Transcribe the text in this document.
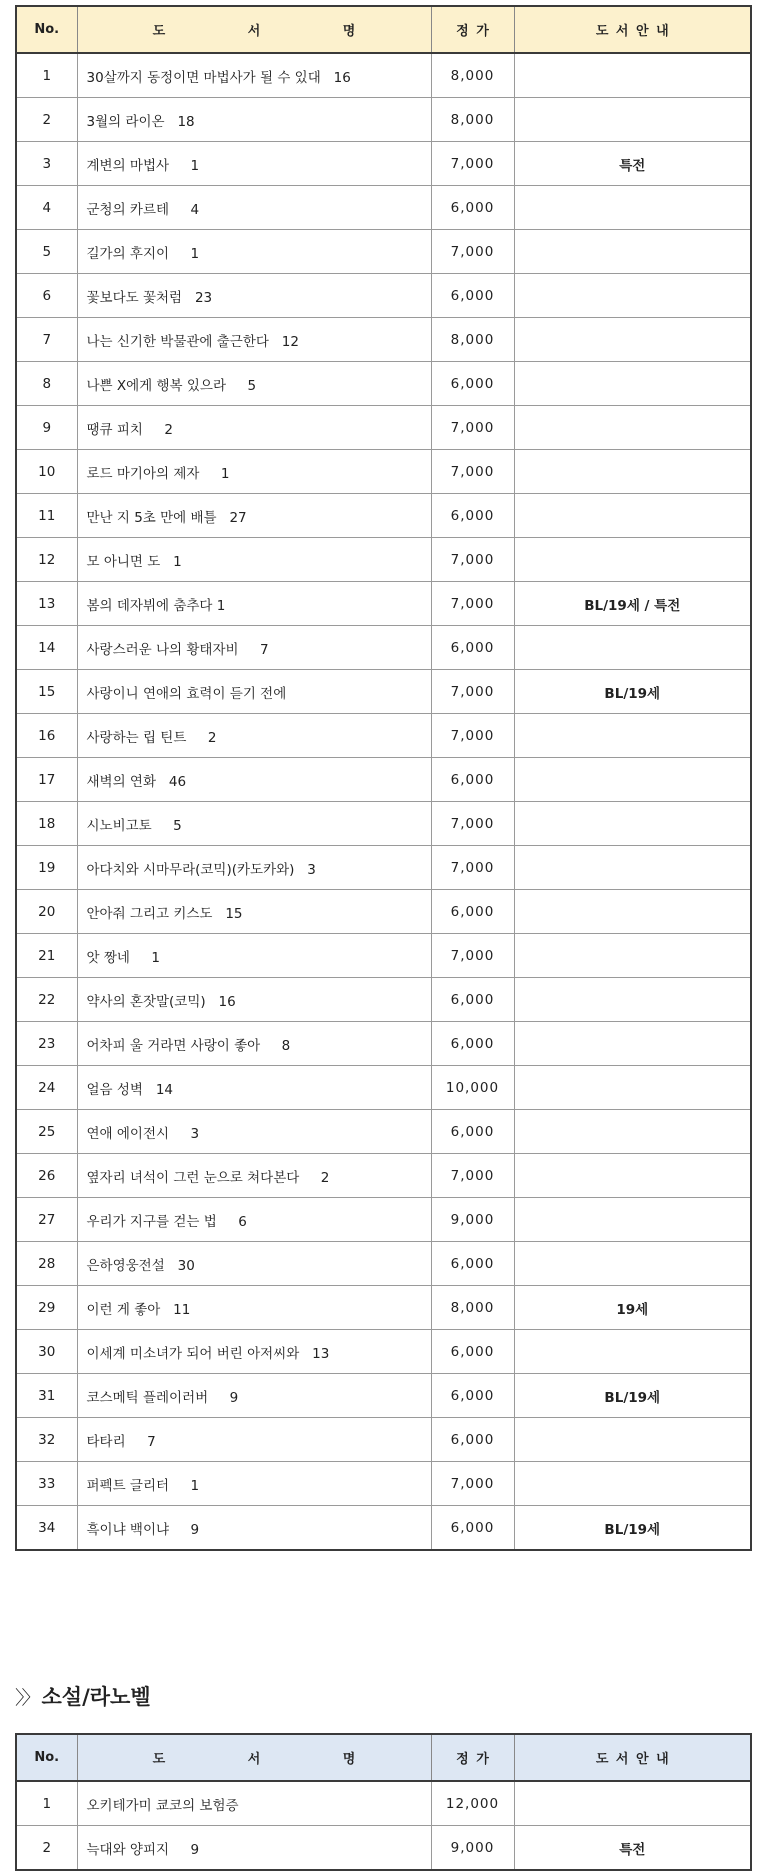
No.	도 서 명	정 가	도 서 안 내
1	30살까지 동정이면 마법사가 될 수 있대   16	8,000	
2	3월의 라이온   18	8,000	
3	계변의 마법사     1	7,000	특전
4	군청의 카르테     4	6,000	
5	길가의 후지이     1	7,000	
6	꽃보다도 꽃처럼   23	6,000	
7	나는 신기한 박물관에 출근한다   12	8,000	
8	나쁜 X에게 행복 있으라     5	6,000	
9	땡큐 피치     2	7,000	
10	로드 마기아의 제자     1	7,000	
11	만난 지 5초 만에 배틀   27	6,000	
12	모 아니면 도   1	7,000	
13	봄의 데자뷔에 춤추다 1	7,000	BL/19세 / 특전
14	사랑스러운 나의 황태자비     7	6,000	
15	사랑이니 연애의 효력이 듣기 전에	7,000	BL/19세
16	사랑하는 립 틴트     2	7,000	
17	새벽의 연화   46	6,000	
18	시노비고토     5	7,000	
19	아다치와 시마무라(코믹)(카도카와)   3	7,000	
20	안아줘 그리고 키스도   15	6,000	
21	앗 짱네     1	7,000	
22	약사의 혼잣말(코믹)   16	6,000	
23	어차피 울 거라면 사랑이 좋아     8	6,000	
24	얼음 성벽   14	10,000	
25	연애 에이전시     3	6,000	
26	옆자리 녀석이 그런 눈으로 쳐다본다     2	7,000	
27	우리가 지구를 걷는 법     6	9,000	
28	은하영웅전설   30	6,000	
29	이런 게 좋아   11	8,000	19세
30	이세계 미소녀가 되어 버린 아저씨와   13	6,000	
31	코스메틱 플레이러버     9	6,000	BL/19세
32	타타리     7	6,000	
33	퍼펙트 글리터     1	7,000	
34	흑이냐 백이냐     9	6,000	BL/19세
〉〉 소설/라노벨
No.	도 서 명	정 가	도 서 안 내
1	오키테가미 쿄코의 보험증	12,000	
2	늑대와 양피지     9	9,000	특전
